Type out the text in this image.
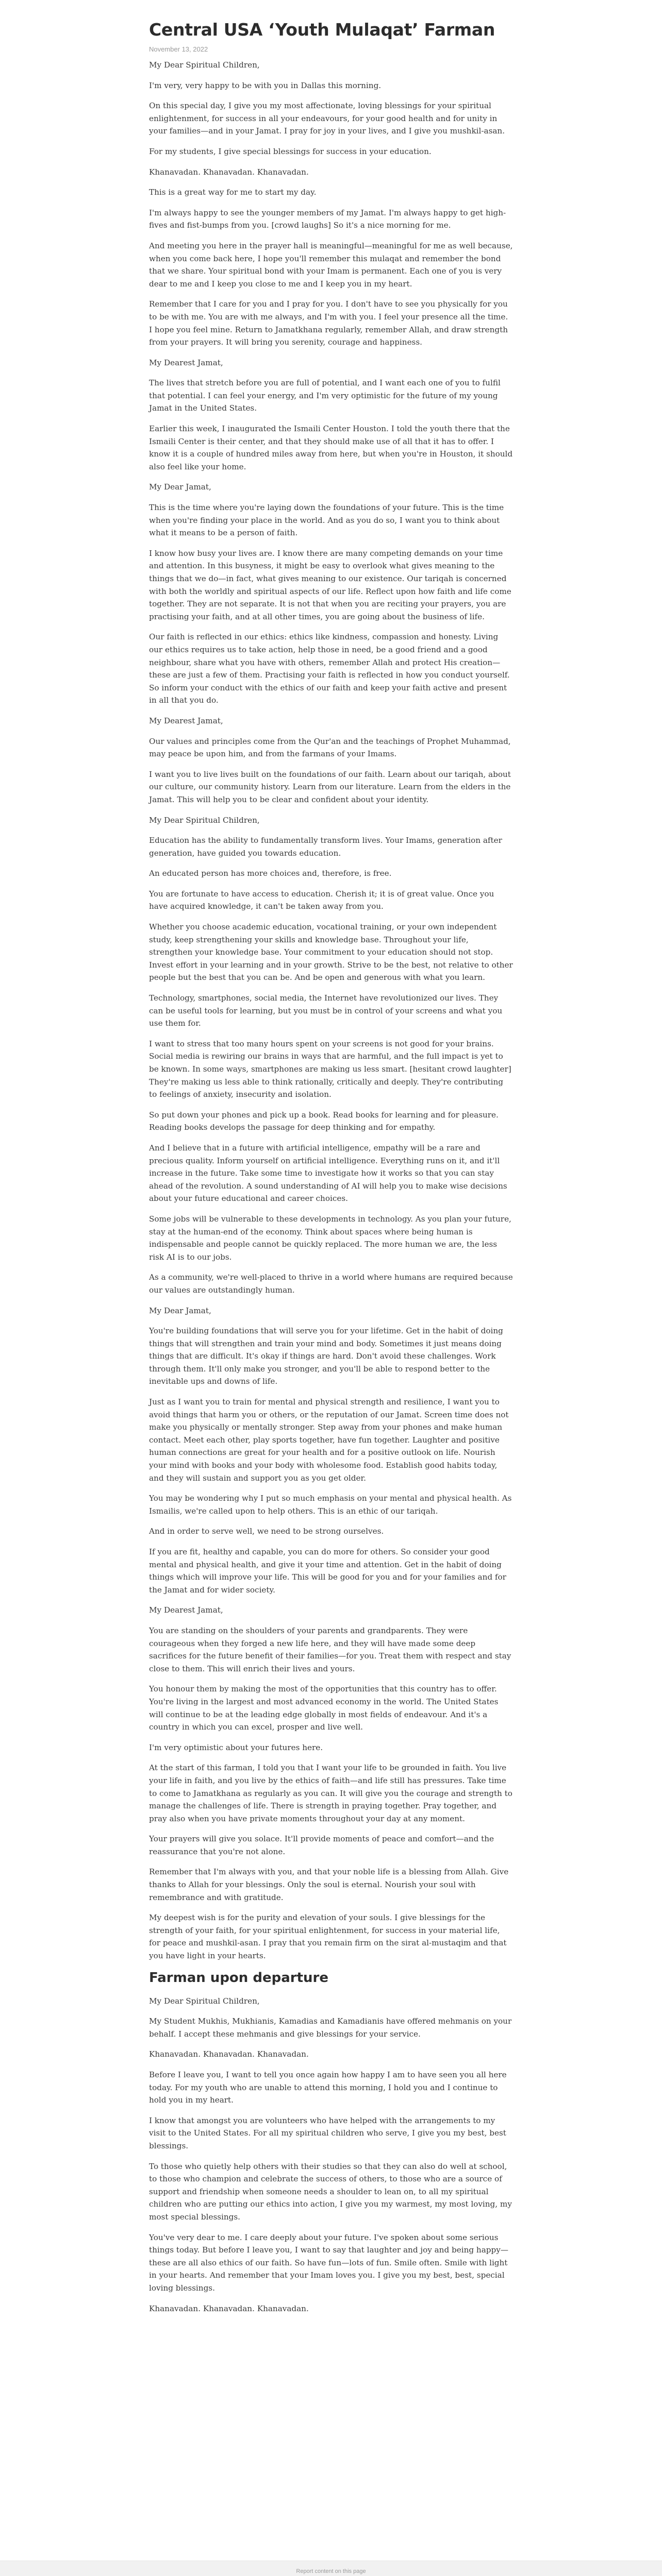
Central USA ‘Youth Mulaqat’ Farman
November 13, 2022

My Dear Spiritual Children,

I'm very, very happy to be with you in Dallas this morning.

On this special day, I give you my most affectionate, loving blessings for your spiritual enlightenment, for success in all your endeavours, for your good health and for unity in your families—and in your Jamat. I pray for joy in your lives, and I give you mushkil-asan.

For my students, I give special blessings for success in your education.

Khanavadan. Khanavadan. Khanavadan.

This is a great way for me to start my day.

I'm always happy to see the younger members of my Jamat. I'm always happy to get high-fives and fist-bumps from you. [crowd laughs] So it's a nice morning for me.

And meeting you here in the prayer hall is meaningful—meaningful for me as well because, when you come back here, I hope you'll remember this mulaqat and remember the bond that we share. Your spiritual bond with your Imam is permanent. Each one of you is very dear to me and I keep you close to me and I keep you in my heart.

Remember that I care for you and I pray for you. I don't have to see you physically for you to be with me. You are with me always, and I'm with you. I feel your presence all the time. I hope you feel mine. Return to Jamatkhana regularly, remember Allah, and draw strength from your prayers. It will bring you serenity, courage and happiness.

My Dearest Jamat,

The lives that stretch before you are full of potential, and I want each one of you to fulfil that potential. I can feel your energy, and I'm very optimistic for the future of my young Jamat in the United States.

Earlier this week, I inaugurated the Ismaili Center Houston. I told the youth there that the Ismaili Center is their center, and that they should make use of all that it has to offer. I know it is a couple of hundred miles away from here, but when you're in Houston, it should also feel like your home.

My Dear Jamat,

This is the time where you're laying down the foundations of your future. This is the time when you're finding your place in the world. And as you do so, I want you to think about what it means to be a person of faith.

I know how busy your lives are. I know there are many competing demands on your time and attention. In this busyness, it might be easy to overlook what gives meaning to the things that we do—in fact, what gives meaning to our existence. Our tariqah is concerned with both the worldly and spiritual aspects of our life. Reflect upon how faith and life come together. They are not separate. It is not that when you are reciting your prayers, you are practising your faith, and at all other times, you are going about the business of life.

Our faith is reflected in our ethics: ethics like kindness, compassion and honesty. Living our ethics requires us to take action, help those in need, be a good friend and a good neighbour, share what you have with others, remember Allah and protect His creation—these are just a few of them. Practising your faith is reflected in how you conduct yourself. So inform your conduct with the ethics of our faith and keep your faith active and present in all that you do.

My Dearest Jamat,

Our values and principles come from the Qur'an and the teachings of Prophet Muhammad, may peace be upon him, and from the farmans of your Imams.

I want you to live lives built on the foundations of our faith. Learn about our tariqah, about our culture, our community history. Learn from our literature. Learn from the elders in the Jamat. This will help you to be clear and confident about your identity.

My Dear Spiritual Children,

Education has the ability to fundamentally transform lives. Your Imams, generation after generation, have guided you towards education.

An educated person has more choices and, therefore, is free.

You are fortunate to have access to education. Cherish it; it is of great value. Once you have acquired knowledge, it can't be taken away from you.

Whether you choose academic education, vocational training, or your own independent study, keep strengthening your skills and knowledge base. Throughout your life, strengthen your knowledge base. Your commitment to your education should not stop. Invest effort in your learning and in your growth. Strive to be the best, not relative to other people but the best that you can be. And be open and generous with what you learn.

Technology, smartphones, social media, the Internet have revolutionized our lives. They can be useful tools for learning, but you must be in control of your screens and what you use them for.

I want to stress that too many hours spent on your screens is not good for your brains. Social media is rewiring our brains in ways that are harmful, and the full impact is yet to be known. In some ways, smartphones are making us less smart. [hesitant crowd laughter] They're making us less able to think rationally, critically and deeply. They're contributing to feelings of anxiety, insecurity and isolation.

So put down your phones and pick up a book. Read books for learning and for pleasure. Reading books develops the passage for deep thinking and for empathy.

And I believe that in a future with artificial intelligence, empathy will be a rare and precious quality. Inform yourself on artificial intelligence. Everything runs on it, and it'll increase in the future. Take some time to investigate how it works so that you can stay ahead of the revolution. A sound understanding of AI will help you to make wise decisions about your future educational and career choices.

Some jobs will be vulnerable to these developments in technology. As you plan your future, stay at the human-end of the economy. Think about spaces where being human is indispensable and people cannot be quickly replaced. The more human we are, the less risk AI is to our jobs.

As a community, we're well-placed to thrive in a world where humans are required because our values are outstandingly human.

My Dear Jamat,

You're building foundations that will serve you for your lifetime. Get in the habit of doing things that will strengthen and train your mind and body. Sometimes it just means doing things that are difficult. It's okay if things are hard. Don't avoid these challenges. Work through them. It'll only make you stronger, and you'll be able to respond better to the inevitable ups and downs of life.

Just as I want you to train for mental and physical strength and resilience, I want you to avoid things that harm you or others, or the reputation of our Jamat. Screen time does not make you physically or mentally stronger. Step away from your phones and make human contact. Meet each other, play sports together, have fun together. Laughter and positive human connections are great for your health and for a positive outlook on life. Nourish your mind with books and your body with wholesome food. Establish good habits today, and they will sustain and support you as you get older.

You may be wondering why I put so much emphasis on your mental and physical health. As Ismailis, we're called upon to help others. This is an ethic of our tariqah.

And in order to serve well, we need to be strong ourselves.

If you are fit, healthy and capable, you can do more for others. So consider your good mental and physical health, and give it your time and attention. Get in the habit of doing things which will improve your life. This will be good for you and for your families and for the Jamat and for wider society.

My Dearest Jamat,

You are standing on the shoulders of your parents and grandparents. They were courageous when they forged a new life here, and they will have made some deep sacrifices for the future benefit of their families—for you. Treat them with respect and stay close to them. This will enrich their lives and yours.

You honour them by making the most of the opportunities that this country has to offer. You're living in the largest and most advanced economy in the world. The United States will continue to be at the leading edge globally in most fields of endeavour. And it's a country in which you can excel, prosper and live well.

I'm very optimistic about your futures here.

At the start of this farman, I told you that I want your life to be grounded in faith. You live your life in faith, and you live by the ethics of faith—and life still has pressures. Take time to come to Jamatkhana as regularly as you can. It will give you the courage and strength to manage the challenges of life. There is strength in praying together. Pray together, and pray also when you have private moments throughout your day at any moment.

Your prayers will give you solace. It'll provide moments of peace and comfort—and the reassurance that you're not alone.

Remember that I'm always with you, and that your noble life is a blessing from Allah. Give thanks to Allah for your blessings. Only the soul is eternal. Nourish your soul with remembrance and with gratitude.

My deepest wish is for the purity and elevation of your souls. I give blessings for the strength of your faith, for your spiritual enlightenment, for success in your material life, for peace and mushkil-asan. I pray that you remain firm on the sirat al-mustaqim and that you have light in your hearts.

Farman upon departure

My Dear Spiritual Children,

My Student Mukhis, Mukhianis, Kamadias and Kamadianis have offered mehmanis on your behalf. I accept these mehmanis and give blessings for your service.

Khanavadan. Khanavadan. Khanavadan.

Before I leave you, I want to tell you once again how happy I am to have seen you all here today. For my youth who are unable to attend this morning, I hold you and I continue to hold you in my heart.

I know that amongst you are volunteers who have helped with the arrangements to my visit to the United States. For all my spiritual children who serve, I give you my best, best blessings.

To those who quietly help others with their studies so that they can also do well at school, to those who champion and celebrate the success of others, to those who are a source of support and friendship when someone needs a shoulder to lean on, to all my spiritual children who are putting our ethics into action, I give you my warmest, my most loving, my most special blessings.

You've very dear to me. I care deeply about your future. I've spoken about some serious things today. But before I leave you, I want to say that laughter and joy and being happy—these are all also ethics of our faith. So have fun—lots of fun. Smile often. Smile with light in your hearts. And remember that your Imam loves you. I give you my best, best, special loving blessings.

Khanavadan. Khanavadan. Khanavadan.

Report content on this page
